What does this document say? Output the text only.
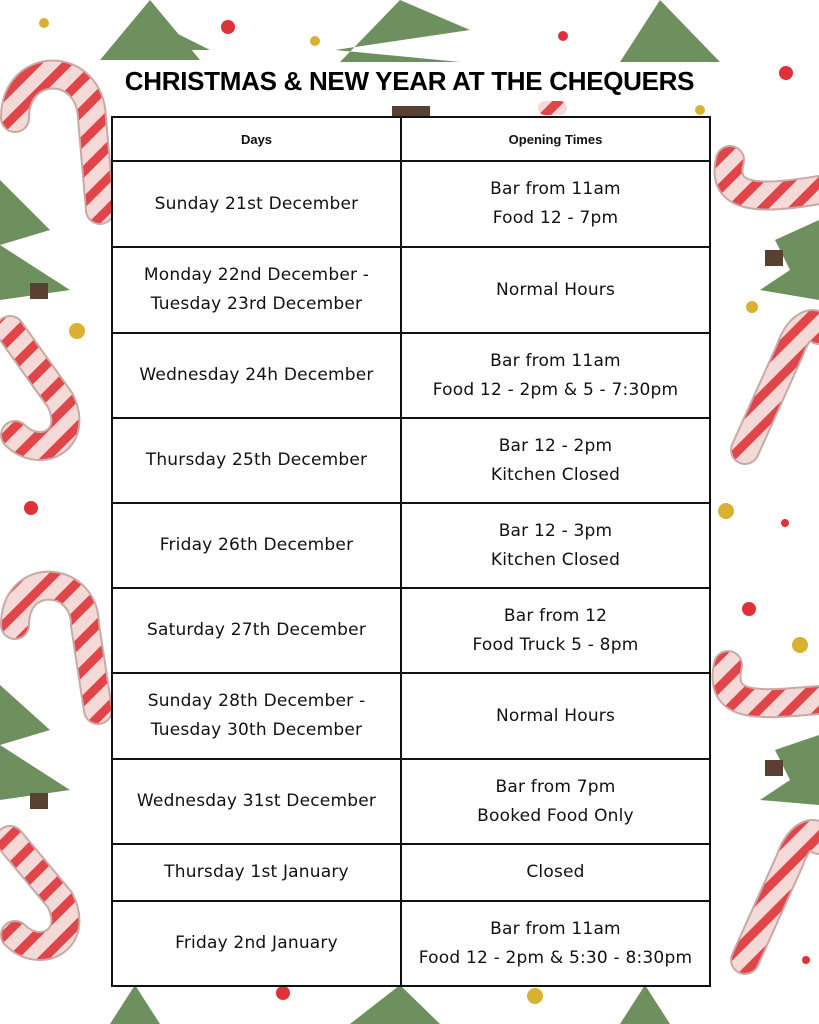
CHRISTMAS & NEW YEAR AT THE CHEQUERS
Days	Opening Times

Sunday 21st December	Bar from 11am
Food 12 - 7pm

Monday 22nd December -
Tuesday 23rd December	Normal Hours

Wednesday 24h December	Bar from 11am
Food 12 - 2pm & 5 - 7:30pm

Thursday 25th December	Bar 12 - 2pm
Kitchen Closed

Friday 26th December	Bar 12 - 3pm
Kitchen Closed

Saturday 27th December	Bar from 12
Food Truck 5 - 8pm

Sunday 28th December -
Tuesday 30th December	Normal Hours

Wednesday 31st December	Bar from 7pm
Booked Food Only

Thursday 1st January	Closed

Friday 2nd January	Bar from 11am
Food 12 - 2pm & 5:30 - 8:30pm
